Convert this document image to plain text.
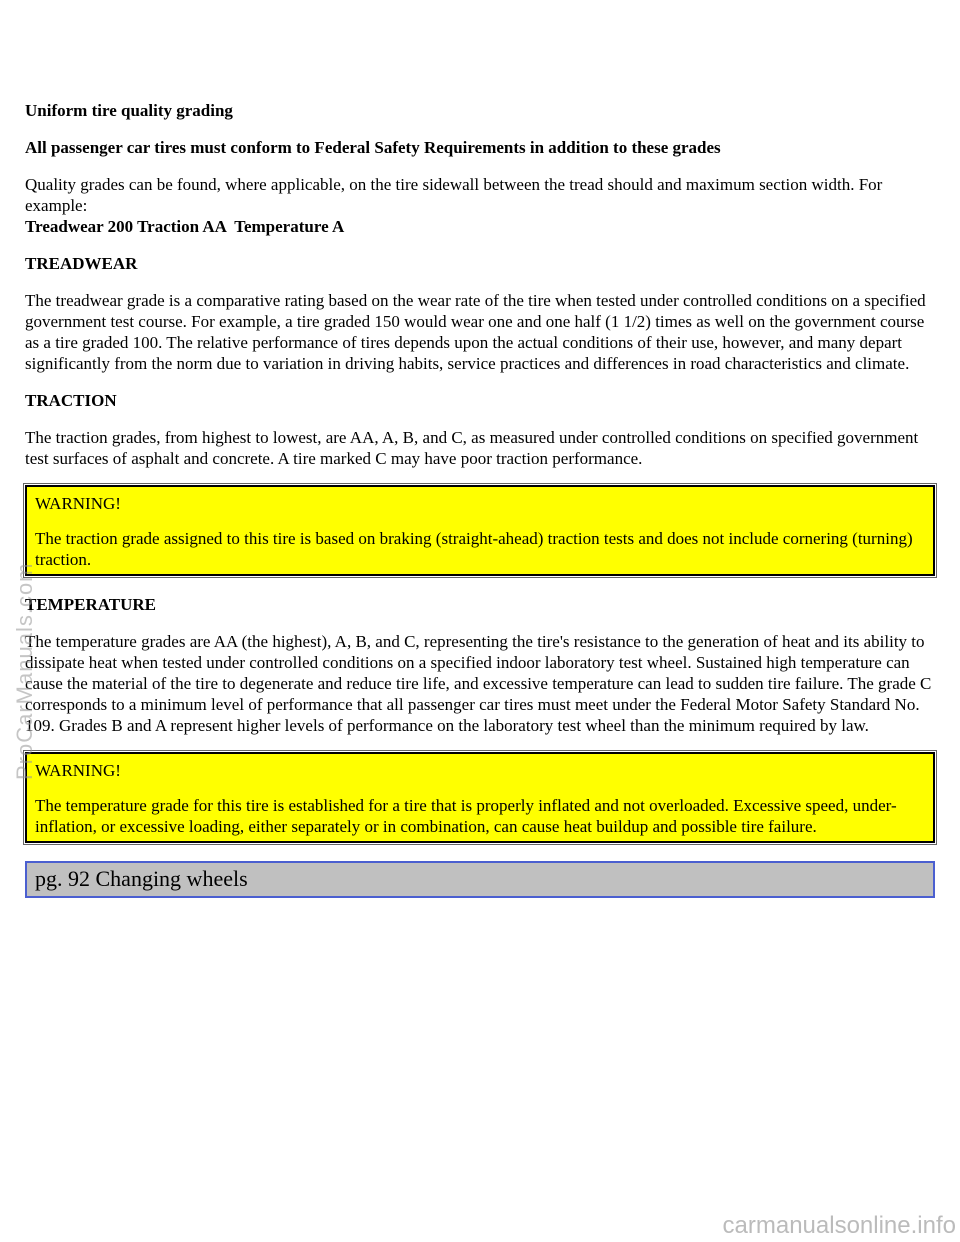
Uniform tire quality grading

All passenger car tires must conform to Federal Safety Requirements in addition to these grades

Quality grades can be found, where applicable, on the tire sidewall between the tread should and maximum section width. For example:
Treadwear 200 Traction AA  Temperature A

TREADWEAR

The treadwear grade is a comparative rating based on the wear rate of the tire when tested under controlled conditions on a specified government test course. For example, a tire graded 150 would wear one and one half (1 1/2) times as well on the government course as a tire graded 100. The relative performance of tires depends upon the actual conditions of their use, however, and many depart significantly from the norm due to variation in driving habits, service practices and differences in road characteristics and climate.

TRACTION

The traction grades, from highest to lowest, are AA, A, B, and C, as measured under controlled conditions on specified government test surfaces of asphalt and concrete. A tire marked C may have poor traction performance.

WARNING!

The traction grade assigned to this tire is based on braking (straight-ahead) traction tests and does not include cornering (turning) traction.

TEMPERATURE

The temperature grades are AA (the highest), A, B, and C, representing the tire's resistance to the generation of heat and its ability to dissipate heat when tested under controlled conditions on a specified indoor laboratory test wheel. Sustained high temperature can cause the material of the tire to degenerate and reduce tire life, and excessive temperature can lead to sudden tire failure. The grade C corresponds to a minimum level of performance that all passenger car tires must meet under the Federal Motor Safety Standard No. 109. Grades B and A represent higher levels of performance on the laboratory test wheel than the minimum required by law.

WARNING!

The temperature grade for this tire is established for a tire that is properly inflated and not overloaded. Excessive speed, under-inflation, or excessive loading, either separately or in combination, can cause heat buildup and possible tire failure.

pg. 92 Changing wheels
ProCarManuals.com
carmanualsonline.info
